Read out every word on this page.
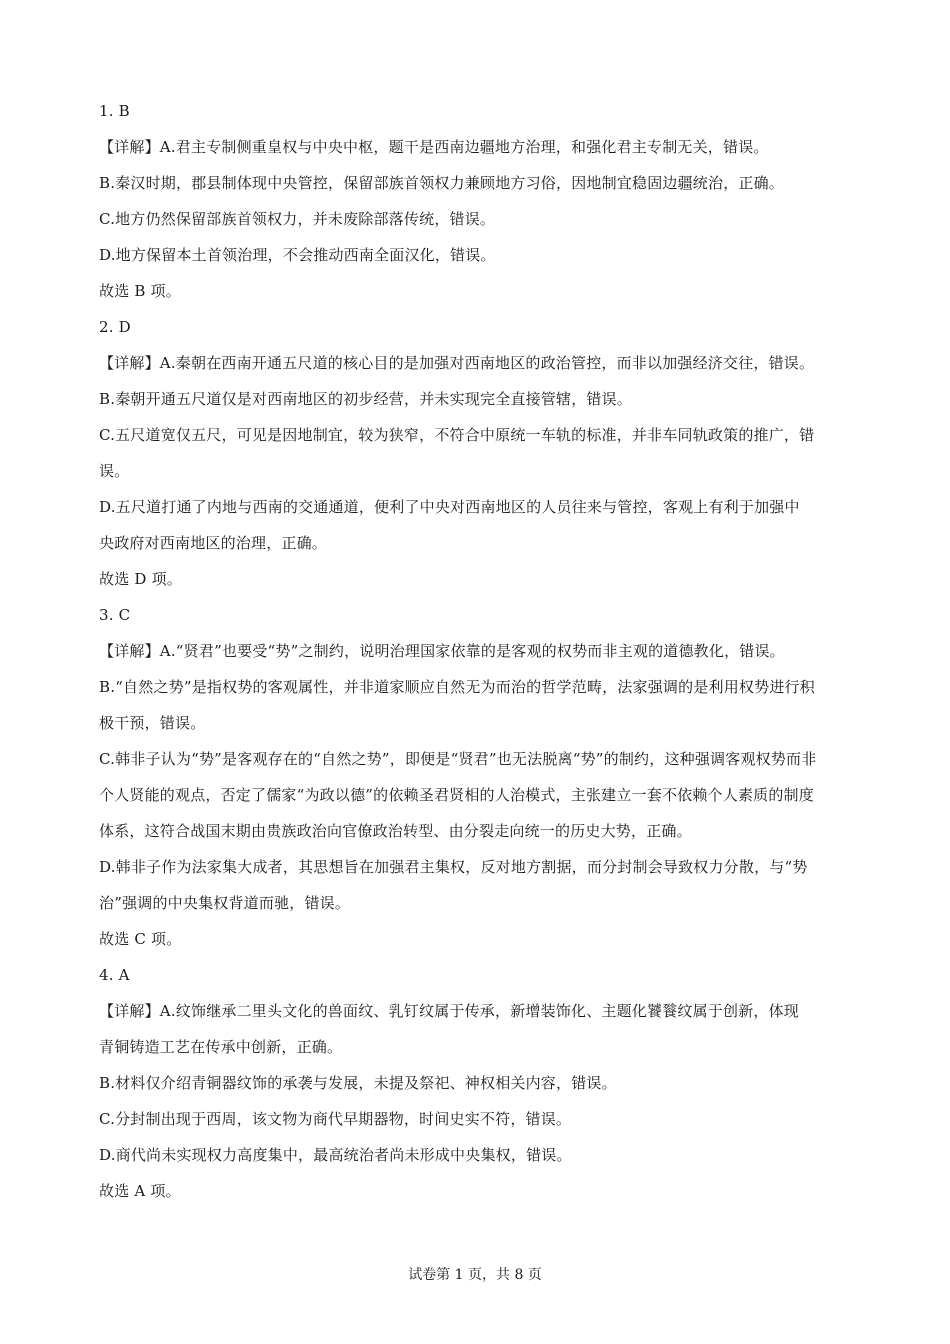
1. B
【详解】A.君主专制侧重皇权与中央中枢，题干是西南边疆地方治理，和强化君主专制无关，错误。
B.秦汉时期，郡县制体现中央管控，保留部族首领权力兼顾地方习俗，因地制宜稳固边疆统治，正确。
C.地方仍然保留部族首领权力，并未废除部落传统，错误。
D.地方保留本土首领治理，不会推动西南全面汉化，错误。
故选 B 项。
2. D
【详解】A.秦朝在西南开通五尺道的核心目的是加强对西南地区的政治管控，而非以加强经济交往，错误。
B.秦朝开通五尺道仅是对西南地区的初步经营，并未实现完全直接管辖，错误。
C.五尺道宽仅五尺，可见是因地制宜，较为狭窄，不符合中原统一车轨的标准，并非车同轨政策的推广，错
误。
D.五尺道打通了内地与西南的交通通道，便利了中央对西南地区的人员往来与管控，客观上有利于加强中
央政府对西南地区的治理，正确。
故选 D 项。
3. C
【详解】A.“贤君”也要受“势”之制约，说明治理国家依靠的是客观的权势而非主观的道德教化，错误。
B.“自然之势”是指权势的客观属性，并非道家顺应自然无为而治的哲学范畴，法家强调的是利用权势进行积
极干预，错误。
C.韩非子认为“势”是客观存在的“自然之势”，即便是“贤君”也无法脱离“势”的制约，这种强调客观权势而非
个人贤能的观点，否定了儒家“为政以德”的依赖圣君贤相的人治模式，主张建立一套不依赖个人素质的制度
体系，这符合战国末期由贵族政治向官僚政治转型、由分裂走向统一的历史大势，正确。
D.韩非子作为法家集大成者，其思想旨在加强君主集权，反对地方割据，而分封制会导致权力分散，与“势
治”强调的中央集权背道而驰，错误。
故选 C 项。
4. A
【详解】A.纹饰继承二里头文化的兽面纹、乳钉纹属于传承，新增装饰化、主题化饕餮纹属于创新，体现
青铜铸造工艺在传承中创新，正确。
B.材料仅介绍青铜器纹饰的承袭与发展，未提及祭祀、神权相关内容，错误。
C.分封制出现于西周，该文物为商代早期器物，时间史实不符，错误。
D.商代尚未实现权力高度集中，最高统治者尚未形成中央集权，错误。
故选 A 项。
试卷第 1 页，共 8 页
